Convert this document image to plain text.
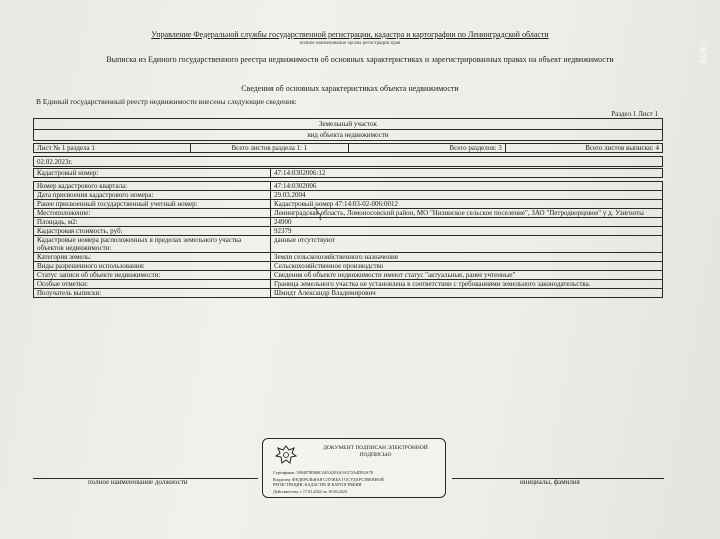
Управление Федеральной службы государственной регистрации, кадастра и картографии по Ленинградской области
полное наименование органа регистрации прав
Выписка из Единого государственного реестра недвижимости об основных характеристиках и зарегистрированных правах на объект недвижимости
Сведения об основных характеристиках объекта недвижимости
В Единый государственный реестр недвижимости внесены следующие сведения:
Раздел 1 Лист 1
Земельный участок
вид объекта недвижимости
Лист № 1 раздела 1	Всего листов раздела 1: 1	Всего разделов: 3	Всего листов выписки: 4
02.02.2023г.
Кадастровый номер:	47:14:0302006:12

Номер кадастрового квартала:	47:14:0302006
Дата присвоения кадастрового номера:	29.03.2004
Ранее присвоенный государственный учетный номер:	Кадастровый номер 47:14:03-02-006:0012
Местоположение:	Ленинградская область, Ломоносовский район, МО "Низинское сельское поселение", ЗАО "Петродворцовое" у д. Узигонты
Площадь, м2:	24900
Кадастровая стоимость, руб:	92379
Кадастровые номера расположенных в пределах земельного участка объектов недвижимости:	данные отсутствуют
Категория земель:	Земли сельскохозяйственного назначения
Виды разрешенного использования:	Сельскохозяйственное производство
Статус записи об объекте недвижимости:	Сведения об объекте недвижимости имеют статус "актуальные, ранее учтенные"
Особые отметки:	Граница земельного участка не установлена в соответствии с требованиями земельного законодательства.
Получатель выписки:	Шмидт Александр Владимирович
полное наименование должности	инициалы, фамилия
ДОКУМЕНТ ПОДПИСАН ЭЛЕКТРОННОЙ ПОДПИСЬЮ
Сертификат: 5094079D6BCA81A2F4A3A572A4DF4A78
Владелец: ФЕДЕРАЛЬНАЯ СЛУЖБА ГОСУДАРСТВЕННОЙ
РЕГИСТРАЦИИ, КАДАСТРА И КАРТОГРАФИИ
Действителен: с 17.03.2022 по 10.06.2023
Avito
